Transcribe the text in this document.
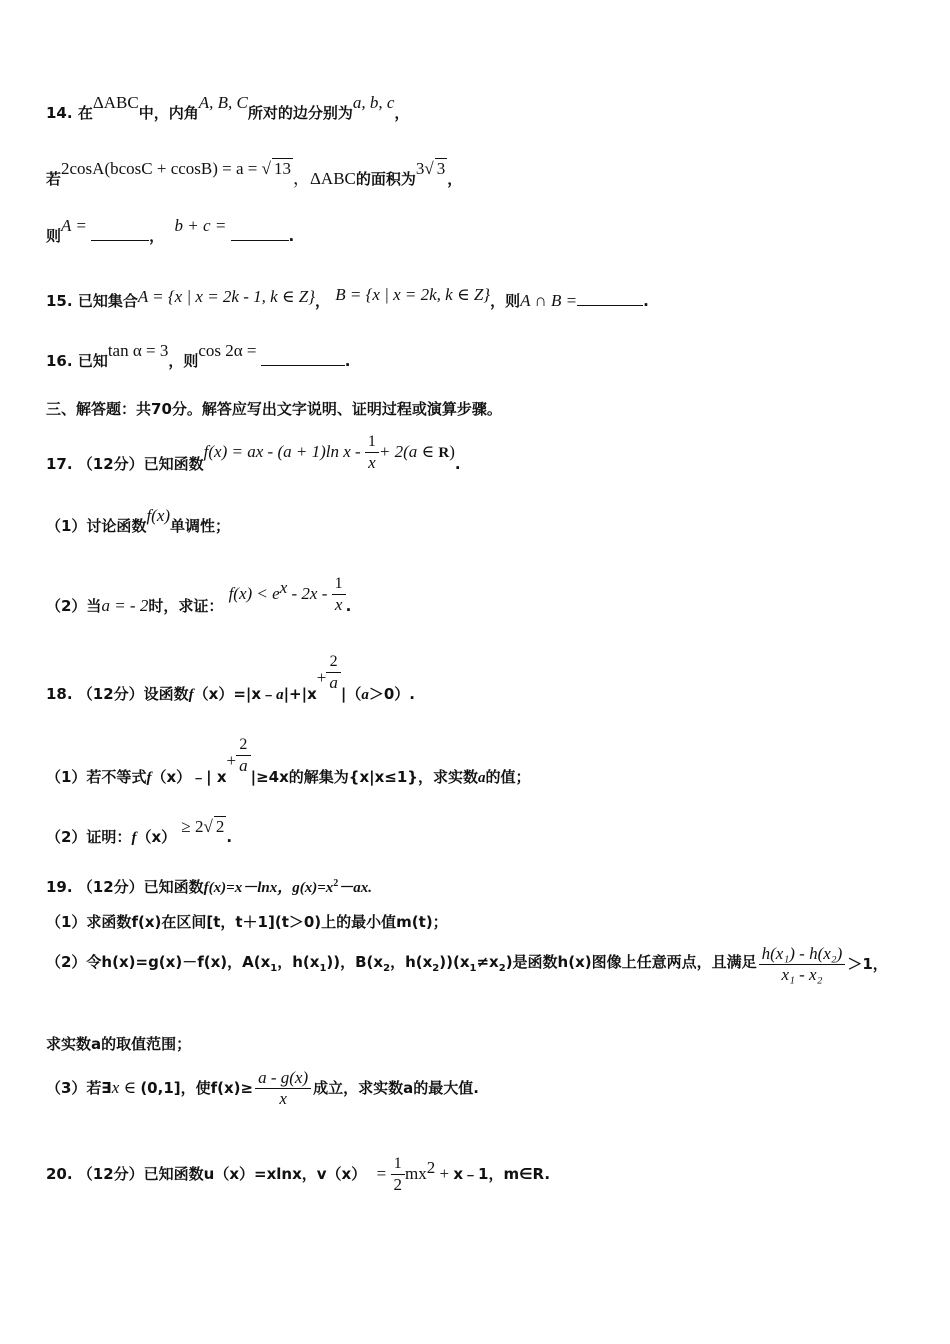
14. 在ΔABC中，内角A, B, C所对的边分别为a, b, c，
若2cosA(bcosC + ccosB) = a = √ 13，ΔABC的面积为3√ 3，
则A = ，  b + c = .
15. 已知集合A = {x | x = 2k - 1, k ∈ Z}， B = {x | x = 2k, k ∈ Z}，则A ∩ B =	.
16. 已知tan α = 3，则cos 2α = .
三、解答题：共70分。解答应写出文字说明、证明过程或演算步骤。
17. （12分）已知函数f(x) = ax - (a + 1)ln $x - \frac{1}{x} + 2(a$ ∈ R).
（1）讨论函数f(x)单调性；
（2）当a = - 2时，求证： $f(x) < e^x - 2x - \frac{1}{x}$ .
18. （12分）设函数f（x）=|x﹣a|+|x+ $\frac{2}{a}$
|（a＞0）.
（1）若不等式f（x）﹣| $x+ \frac{2}{a}$
|≥4x的解集为{x|x≤1}，求实数a的值；
（2）证明：f（x） ≥ 2√ 2.
19. （12分）已知函数f(x)=x－lnx，$g(x)=x^2-ax$.
（1）求函数f(x)在区间[t，t＋1](t＞0)上的最小值m(t)；
（2）令h(x)=g(x)－f(x)，$A(x_1$，$h(x_1)$)，$B(x_2$，$h(x_2))(x_1\ne x_2)$是函数h(x)图像上任意两点，且满足 $\frac{\text{h(x₁) - h(x₂)}}{\text{x₁ - x₂}} >1$，
求实数a的取值范围；
（3）若∃x ∈ (0,1]，使$f(x)\ge \frac{a - g(x)}{x}$ 成立，求实数a的最大值.
20. （12分）已知函数u（x）=xlnx，$v(x) = \frac{1}{2} mx^2$ + x﹣1，m∈R.
